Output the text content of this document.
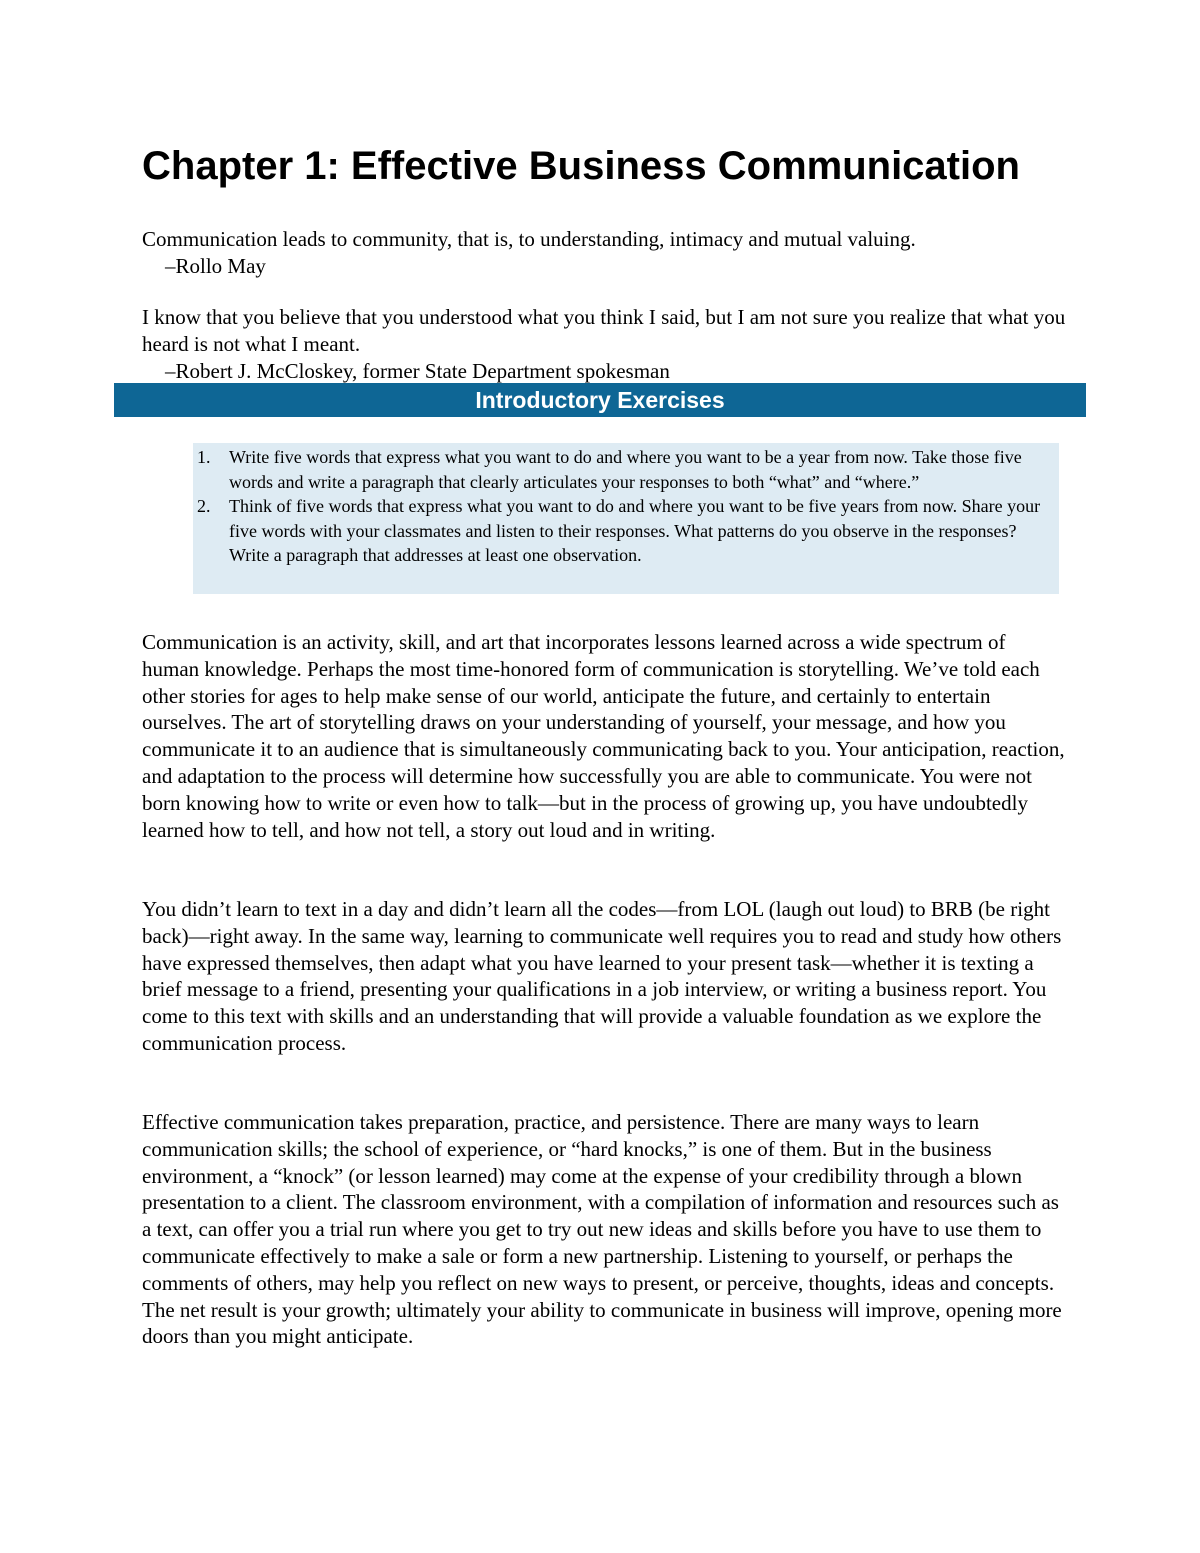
Chapter 1: Effective Business Communication

Communication leads to community, that is, to understanding, intimacy and mutual valuing.

–Rollo May

I know that you believe that you understood what you think I said, but I am not sure you realize that what you heard is not what I meant.

–Robert J. McCloskey, former State Department spokesman

Introductory Exercises
1. Write five words that express what you want to do and where you want to be a year from now. Take those five words and write a paragraph that clearly articulates your responses to both “what” and “where.”
2. Think of five words that express what you want to do and where you want to be five years from now. Share your five words with your classmates and listen to their responses. What patterns do you observe in the responses? Write a paragraph that addresses at least one observation.

Communication is an activity, skill, and art that incorporates lessons learned across a wide spectrum of human knowledge. Perhaps the most time-honored form of communication is storytelling. We’ve told each other stories for ages to help make sense of our world, anticipate the future, and certainly to entertain ourselves. The art of storytelling draws on your understanding of yourself, your message, and how you communicate it to an audience that is simultaneously communicating back to you. Your anticipation, reaction, and adaptation to the process will determine how successfully you are able to communicate. You were not born knowing how to write or even how to talk—but in the process of growing up, you have undoubtedly learned how to tell, and how not tell, a story out loud and in writing.

You didn’t learn to text in a day and didn’t learn all the codes—from LOL (laugh out loud) to BRB (be right back)—right away. In the same way, learning to communicate well requires you to read and study how others have expressed themselves, then adapt what you have learned to your present task—whether it is texting a brief message to a friend, presenting your qualifications in a job interview, or writing a business report. You come to this text with skills and an understanding that will provide a valuable foundation as we explore the communication process.

Effective communication takes preparation, practice, and persistence. There are many ways to learn communication skills; the school of experience, or “hard knocks,” is one of them. But in the business environment, a “knock” (or lesson learned) may come at the expense of your credibility through a blown presentation to a client. The classroom environment, with a compilation of information and resources such as a text, can offer you a trial run where you get to try out new ideas and skills before you have to use them to communicate effectively to make a sale or form a new partnership. Listening to yourself, or perhaps the comments of others, may help you reflect on new ways to present, or perceive, thoughts, ideas and concepts. The net result is your growth; ultimately your ability to communicate in business will improve, opening more doors than you might anticipate.
